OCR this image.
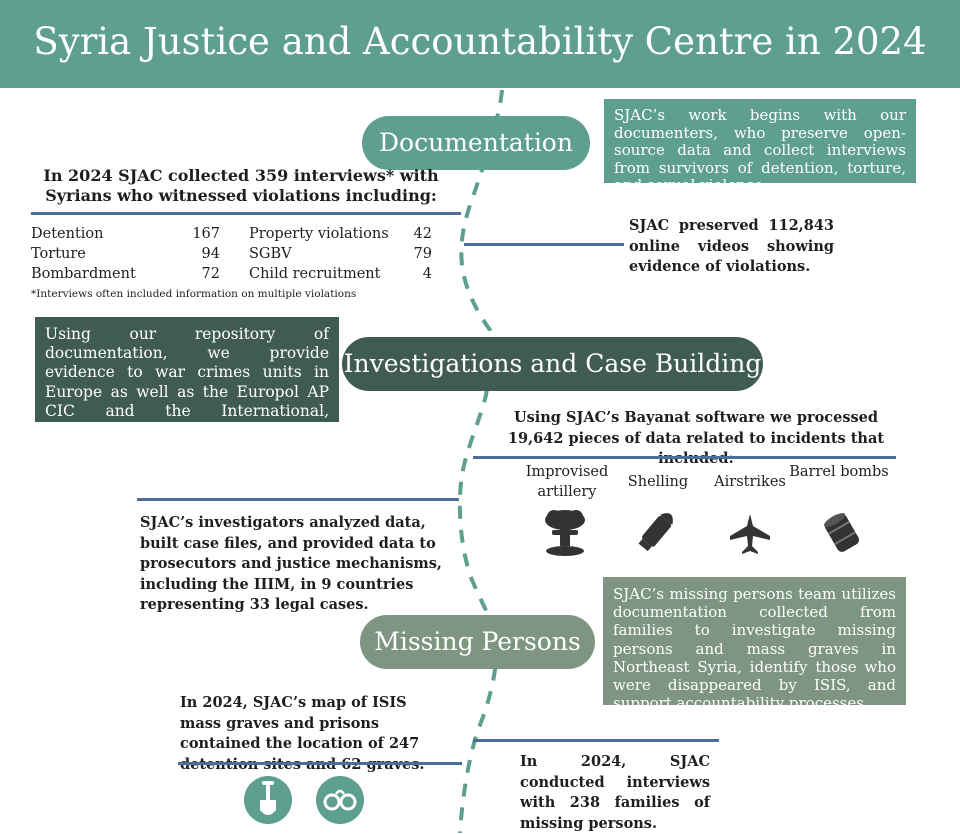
Syria Justice and Accountability Centre in 2024
Documentation
Investigations and Case Building
Missing Persons
SJAC’s work begins with our documenters, who preserve open-source data and collect interviews from survivors of detention, torture, and sexual violence.
Using our repository of documentation, we provide evidence to war crimes units in Europe as well as the Europol AP CIC and the International, Independent and Impartial Mechanism (IIIM).
SJAC’s missing persons team utilizes documentation collected from families to investigate missing persons and mass graves in Northeast Syria, identify those who were disappeared by ISIS, and support accountability processes.
In 2024 SJAC collected 359 interviews* with Syrians who witnessed violations including:
Detention	167
Torture	94
Bombardment	72
Property violations	42
SGBV	79
Child recruitment	4
*Interviews often included information on multiple violations
SJAC preserved 112,843 online videos showing evidence of violations.
Using SJAC’s Bayanat software we processed 19,642 pieces of data related to incidents that
Improvised artillery
Shelling	Airstrikes
Barrel bombs
SJAC’s investigators analyzed data, built case files, and provided data to prosecutors and justice mechanisms, including the IIIM, in 9 countries representing 33 legal cases.
In 2024, SJAC’s map of ISIS mass graves and prisons contained the location of 247
In 2024, SJAC conducted interviews with 238 families of missing persons.
